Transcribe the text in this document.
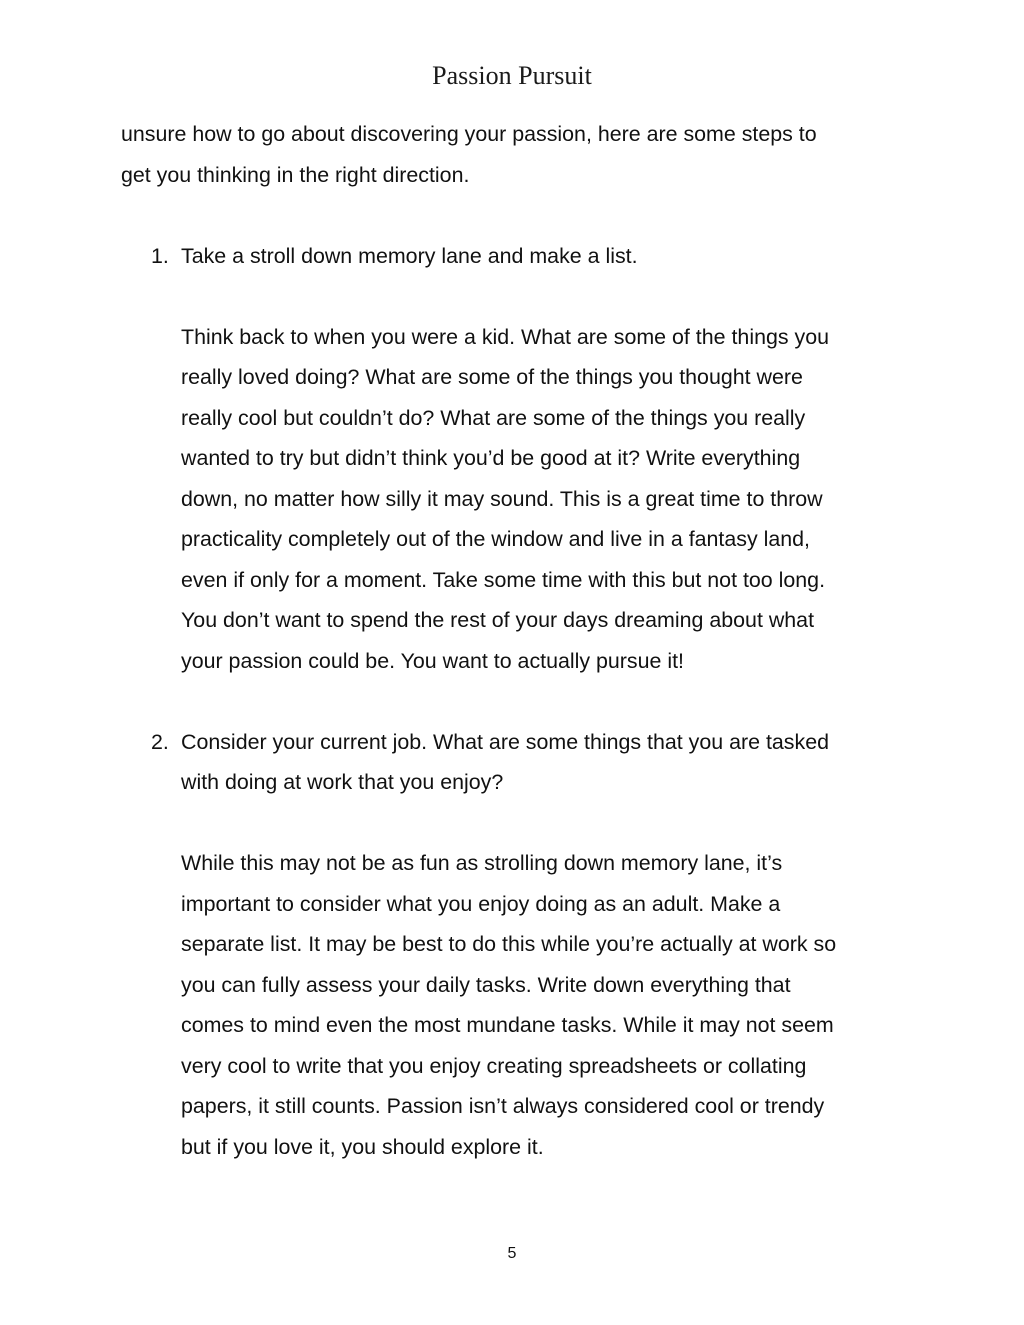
Passion Pursuit
unsure how to go about discovering your passion, here are some steps to
get you thinking in the right direction.
1. Take a stroll down memory lane and make a list.
Think back to when you were a kid. What are some of the things you
really loved doing? What are some of the things you thought were
really cool but couldn’t do? What are some of the things you really
wanted to try but didn’t think you’d be good at it? Write everything
down, no matter how silly it may sound. This is a great time to throw
practicality completely out of the window and live in a fantasy land,
even if only for a moment. Take some time with this but not too long.
You don’t want to spend the rest of your days dreaming about what
your passion could be. You want to actually pursue it!
2. Consider your current job. What are some things that you are tasked
with doing at work that you enjoy?
While this may not be as fun as strolling down memory lane, it’s
important to consider what you enjoy doing as an adult. Make a
separate list. It may be best to do this while you’re actually at work so
you can fully assess your daily tasks. Write down everything that
comes to mind even the most mundane tasks. While it may not seem
very cool to write that you enjoy creating spreadsheets or collating
papers, it still counts. Passion isn’t always considered cool or trendy
but if you love it, you should explore it.
5
